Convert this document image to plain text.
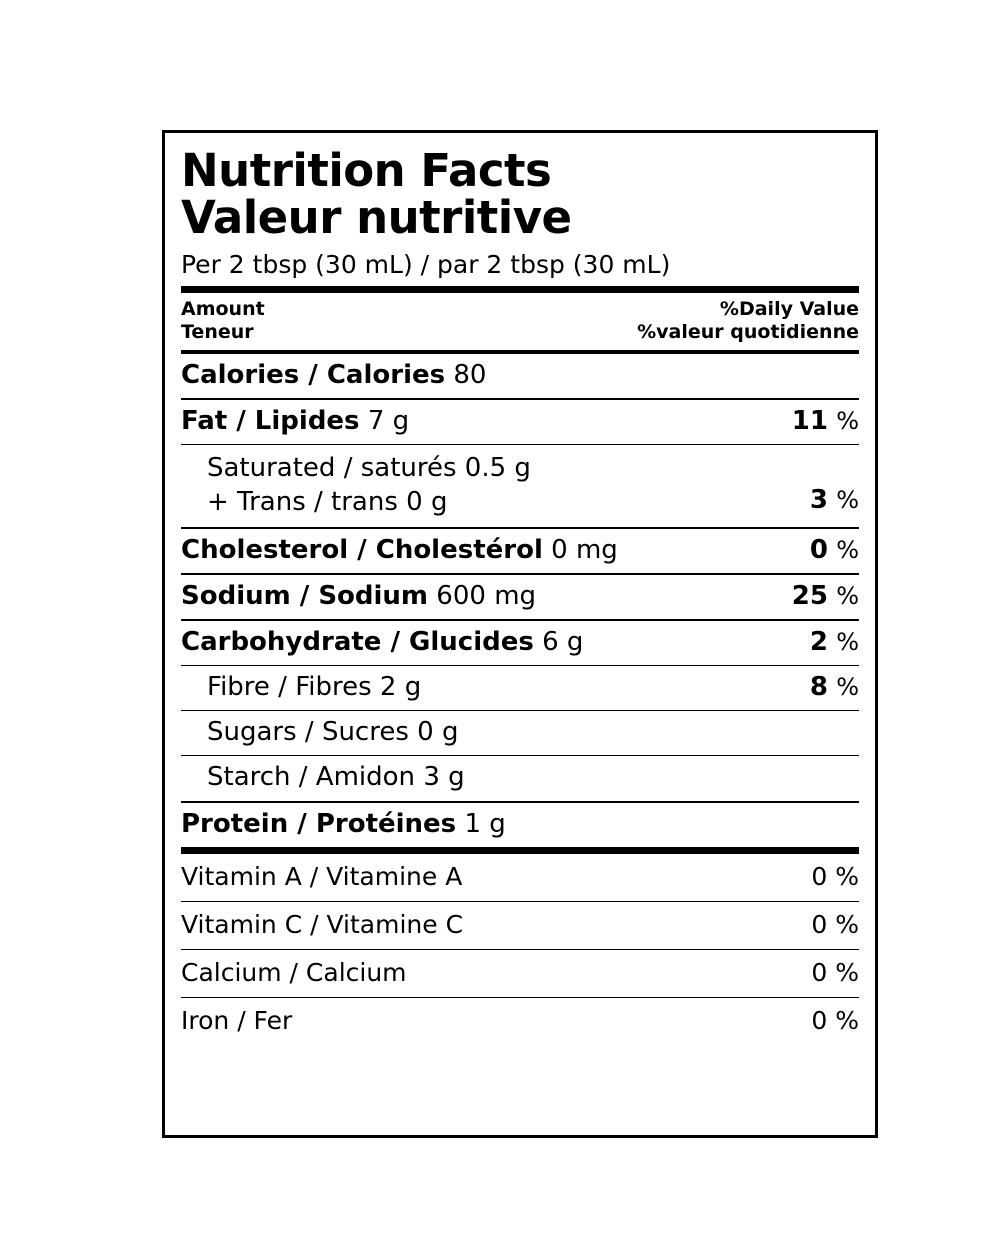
Nutrition Facts
Valeur nutritive
Per 2 tbsp (30 mL) / par 2 tbsp (30 mL)
Amount
Teneur
%Daily Value
%valeur quotidienne
Calories / Calories 80
Fat / Lipides 7 g	11 %
Saturated / saturés 0.5 g
+ Trans / trans 0 g	3 %
Cholesterol / Cholestérol 0 mg	0 %
Sodium / Sodium 600 mg	25 %
Carbohydrate / Glucides 6 g	2 %
Fibre / Fibres 2 g	8 %
Sugars / Sucres 0 g
Starch / Amidon 3 g
Protein / Protéines 1 g
Vitamin A / Vitamine A	0 %
Vitamin C / Vitamine C	0 %
Calcium / Calcium	0 %
Iron / Fer	0 %
